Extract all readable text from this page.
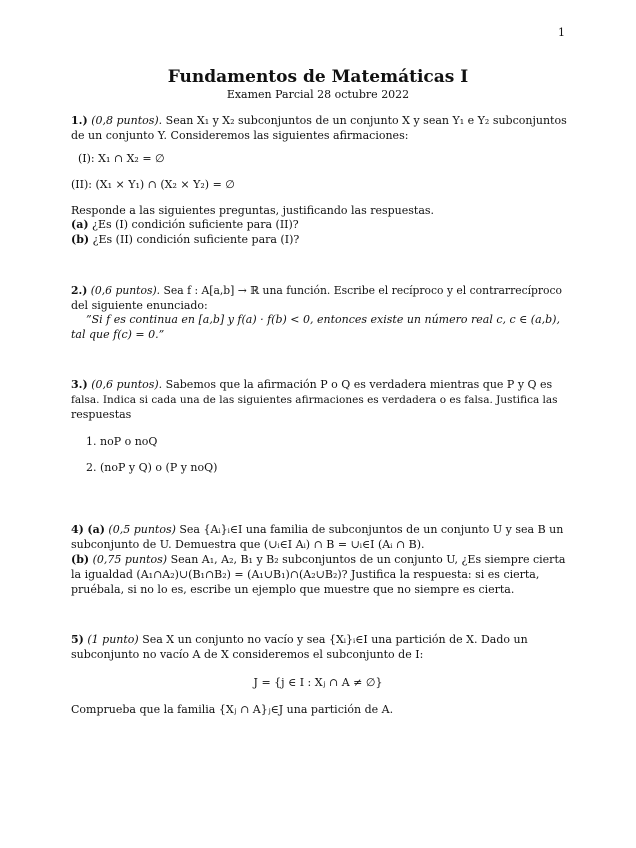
1
Fundamentos de Matemáticas I
Examen Parcial 28 octubre 2022
1.) (0,8 puntos). Sean X₁ y X₂ subconjuntos de un conjunto X y sean Y₁ e Y₂ subconjuntos
de un conjunto Y. Consideremos las siguientes afirmaciones:
(I): X₁ ∩ X₂ = ∅
(II): (X₁ × Y₁) ∩ (X₂ × Y₂) = ∅
Responde a las siguientes preguntas, justificando las respuestas.
(a) ¿Es (I) condición suficiente para (II)?
(b) ¿Es (II) condición suficiente para (I)?
2.) (0,6 puntos). Sea f : A[a,b] → ℝ una función. Escribe el recíproco y el contrarrecíproco
del siguiente enunciado:
”Si f es continua en [a,b] y f(a) · f(b) < 0, entonces existe un número real c, c ∈ (a,b),
tal que f(c) = 0.”
3.) (0,6 puntos). Sabemos que la afirmación P o Q es verdadera mientras que P y Q es
falsa. Indica si cada una de las siguientes afirmaciones es verdadera o es falsa. Justifica las
respuestas
1. noP o noQ
2. (noP y Q) o (P y noQ)
4) (a) (0,5 puntos) Sea {Aᵢ}ᵢ∈I una familia de subconjuntos de un conjunto U y sea B un
subconjunto de U. Demuestra que (∪ᵢ∈I Aᵢ) ∩ B = ∪ᵢ∈I (Aᵢ ∩ B).
(b) (0,75 puntos) Sean A₁, A₂, B₁ y B₂ subconjuntos de un conjunto U, ¿Es siempre cierta
la igualdad (A₁∩A₂)∪(B₁∩B₂) = (A₁∪B₁)∩(A₂∪B₂)? Justifica la respuesta: si es cierta,
pruébala, si no lo es, escribe un ejemplo que muestre que no siempre es cierta.
5) (1 punto) Sea X un conjunto no vacío y sea {Xᵢ}ᵢ∈I una partición de X. Dado un
subconjunto no vacío A de X consideremos el subconjunto de I:
J = {j ∈ I : Xⱼ ∩ A ≠ ∅}
Comprueba que la familia {Xⱼ ∩ A}ⱼ∈J una partición de A.
